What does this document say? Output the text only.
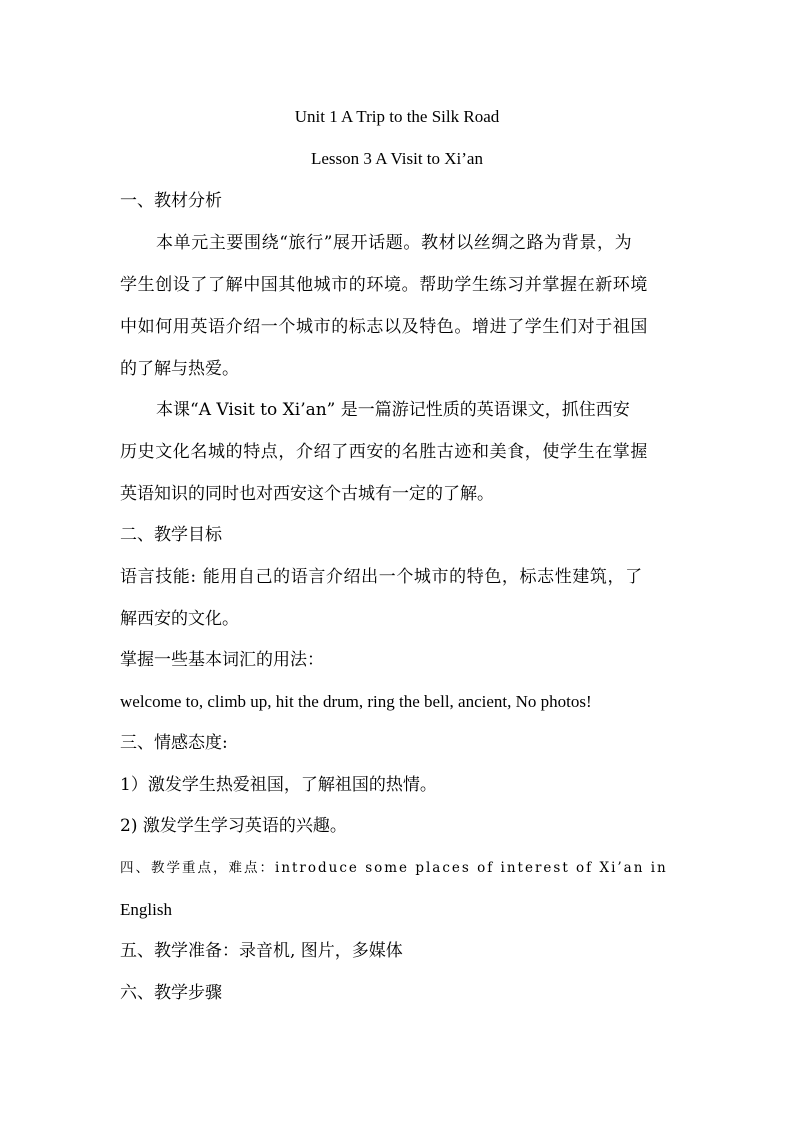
Unit 1 A Trip to the Silk Road
Lesson 3 A Visit to Xi’an
一、教材分析
本单元主要围绕“旅行”展开话题。教材以丝绸之路为背景，为
学生创设了了解中国其他城市的环境。帮助学生练习并掌握在新环境
中如何用英语介绍一个城市的标志以及特色。增进了学生们对于祖国
的了解与热爱。
本课“A Visit to Xi’an” 是一篇游记性质的英语课文，抓住西安
历史文化名城的特点，介绍了西安的名胜古迹和美食，使学生在掌握
英语知识的同时也对西安这个古城有一定的了解。
二、教学目标
语言技能: 能用自己的语言介绍出一个城市的特色，标志性建筑，了
解西安的文化。
掌握一些基本词汇的用法：
welcome to, climb up, hit the drum, ring the bell, ancient, No photos!
三、情感态度:
1）激发学生热爱祖国，了解祖国的热情。
2) 激发学生学习英语的兴趣。
四、教学重点，难点：introduce some places of interest of Xi’an in
English
五、教学准备：录音机, 图片，多媒体
六、教学步骤
